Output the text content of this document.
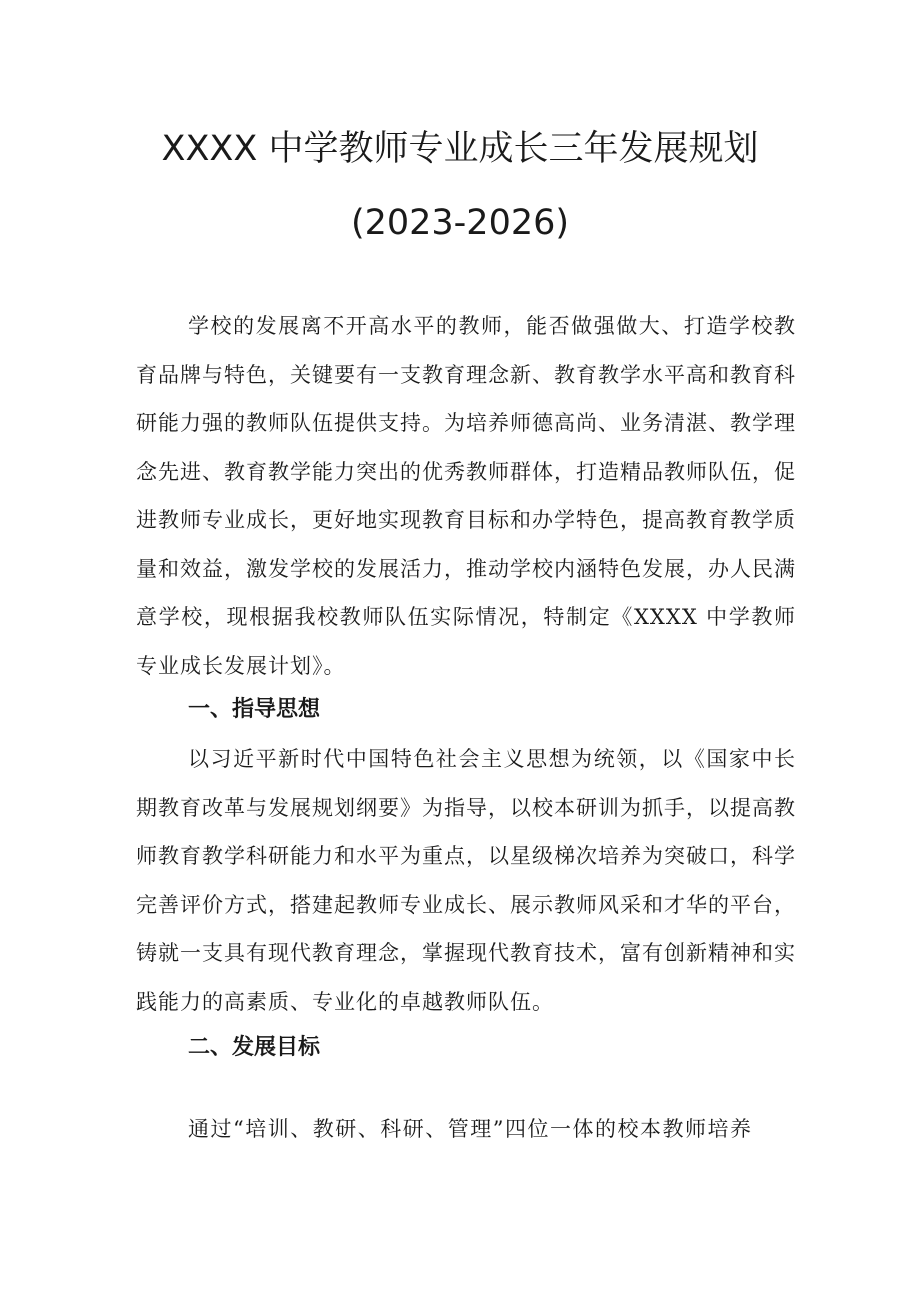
XXXX 中学教师专业成长三年发展规划
(2023-2026)

学校的发展离不开高水平的教师，能否做强做大、打造学校教育品牌与特色，关键要有一支教育理念新、教育教学水平高和教育科研能力强的教师队伍提供支持。为培养师德高尚、业务清湛、教学理念先进、教育教学能力突出的优秀教师群体，打造精品教师队伍，促进教师专业成长，更好地实现教育目标和办学特色，提高教育教学质量和效益，激发学校的发展活力，推动学校内涵特色发展，办人民满意学校，现根据我校教师队伍实际情况，特制定《XXXX 中学教师专业成长发展计划》。

一、指导思想

以习近平新时代中国特色社会主义思想为统领，以《国家中长期教育改革与发展规划纲要》为指导，以校本研训为抓手，以提高教师教育教学科研能力和水平为重点，以星级梯次培养为突破口，科学完善评价方式，搭建起教师专业成长、展示教师风采和才华的平台，铸就一支具有现代教育理念，掌握现代教育技术，富有创新精神和实践能力的高素质、专业化的卓越教师队伍。

二、发展目标

通过“培训、教研、科研、管理”四位一体的校本教师培养
